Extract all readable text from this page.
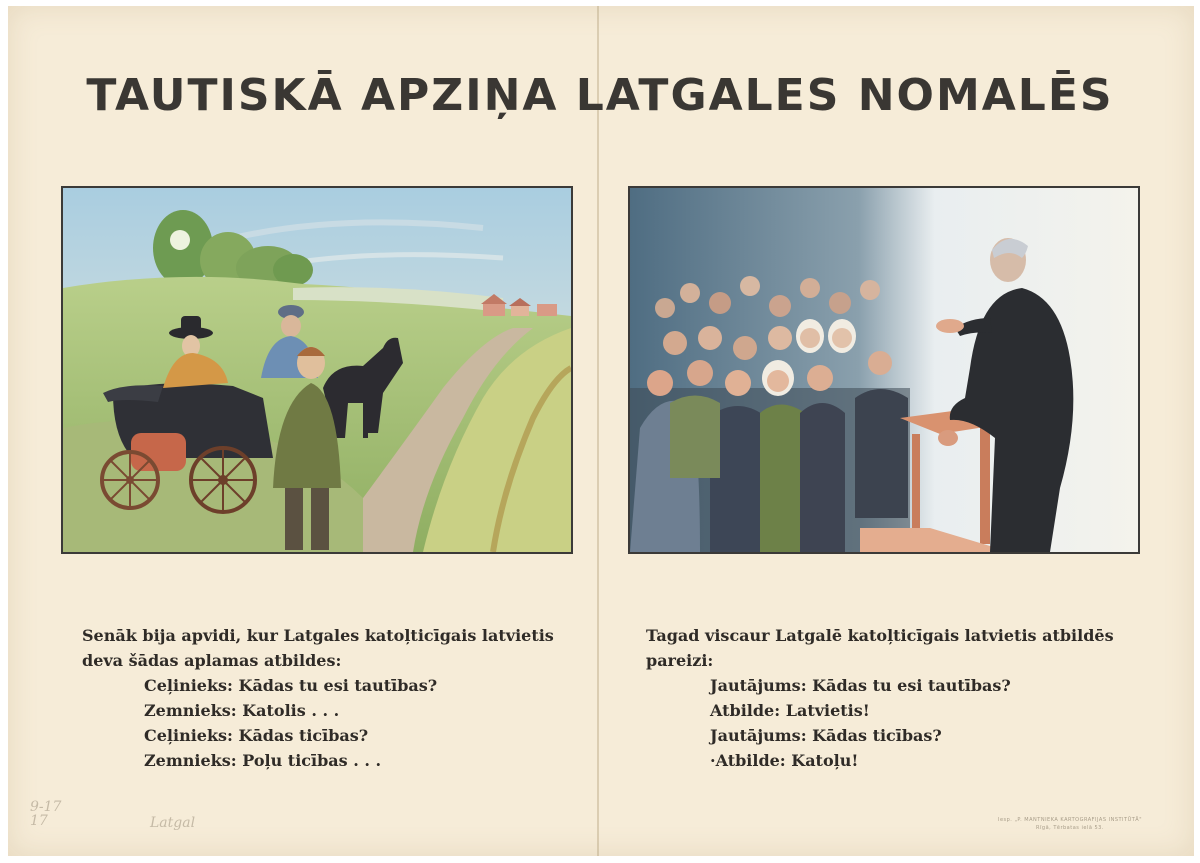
TAUTISKĀ APZIŅA LATGALES NOMALĒS

Senāk bija apvidi, kur Latgales katoļticīgais latvietis deva šādas aplamas atbildes:

Ceļinieks: Kādas tu esi tautības?
Zemnieks: Katolis . . .
Ceļinieks: Kādas ticības?
Zemnieks: Poļu ticības . . .

Tagad viscaur Latgalē katoļticīgais latvietis atbildēs pareizi:

Jautājums: Kādas tu esi tautības?
Atbilde: Latvietis!
Jautājums: Kādas ticības?
·Atbilde: Katoļu!
Iesp. „P. MANTNIEKA KARTOGRAFIJAS INSTITŪTĀ"
Rīgā, Tērbatas ielā 53.
9-17
17	Latgal
